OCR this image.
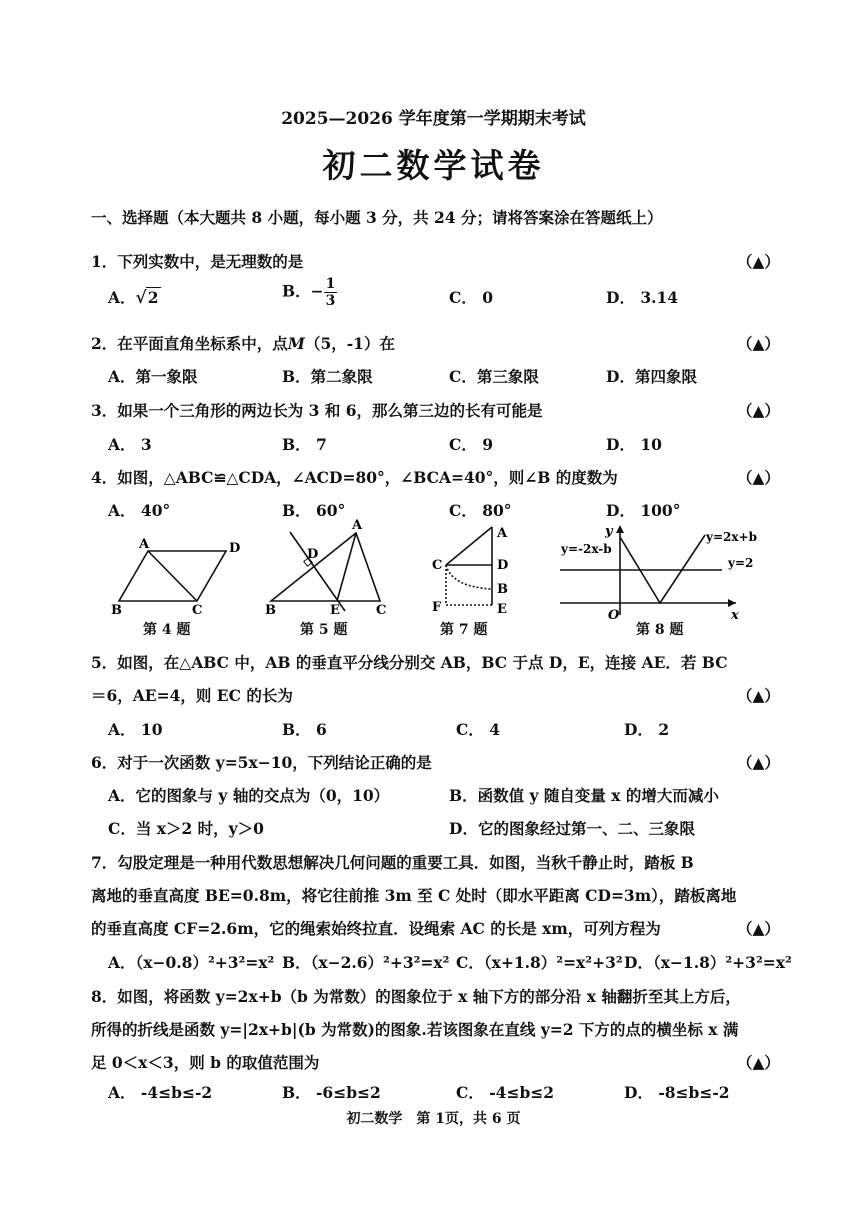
2025—2026 学年度第一学期期末考试
初二数学试卷
一、选择题（本大题共 8 小题，每小题 3 分，共 24 分；请将答案涂在答题纸上）
1．下列实数中，是无理数的是	（▲）
A．√2	B．− $\frac{1}{3}$	C． 0	D． 3.14
2．在平面直角坐标系中，点M（5，-1）在	（▲）
A．第一象限	B．第二象限	C．第三象限	D．第四象限
3．如果一个三角形的两边长为 3 和 6，那么第三边的长有可能是	（▲）
A． 3	B． 7	C． 9	D． 10
4．如图，△ABC≌△CDA，∠ACD=80°，∠BCA=40°，则∠B 的度数为	（▲）
A． 40°	B． 60°	C． 80°	D． 100°
A	D
B	C
A
D
B	E	C
A
C	D
B
F	E
y
x
O
y=-2x-b
y=2x+b
y=2
第 4 题	第 5 题	第 7 题	第 8 题
5．如图，在△ABC 中，AB 的垂直平分线分别交 AB，BC 于点 D，E，连接 AE．若 BC
＝6，AE=4，则 EC 的长为	（▲）
A． 10	B． 6	C． 4	D． 2
6．对于一次函数 y=5x−10，下列结论正确的是	（▲）
A．它的图象与 y 轴的交点为（0，10）	B．函数值 y 随自变量 x 的增大而减小
C．当 x＞2 时，y＞0	D．它的图象经过第一、二、三象限
7．勾股定理是一种用代数思想解决几何问题的重要工具．如图，当秋千静止时，踏板 B
离地的垂直高度 BE=0.8m，将它往前推 3m 至 C 处时（即水平距离 CD=3m），踏板离地
的垂直高度 CF=2.6m，它的绳索始终拉直．设绳索 AC 的长是 xm，可列方程为	（▲）
A．（x−0.8）²+3²=x² B．（x−2.6）²+3²=x² C．（x+1.8）²=x²+3² D．（x−1.8）²+3²=x²
8．如图，将函数 y=2x+b（b 为常数）的图象位于 x 轴下方的部分沿 x 轴翻折至其上方后，
所得的折线是函数 y=|2x+b|(b 为常数)的图象.若该图象在直线 y=2 下方的点的横坐标 x 满
足 0＜x＜3，则 b 的取值范围为	（▲）
A． -4≤b≤-2	B． -6≤b≤2	C． -4≤b≤2	D． -8≤b≤-2
初二数学　第 1页，共 6 页
